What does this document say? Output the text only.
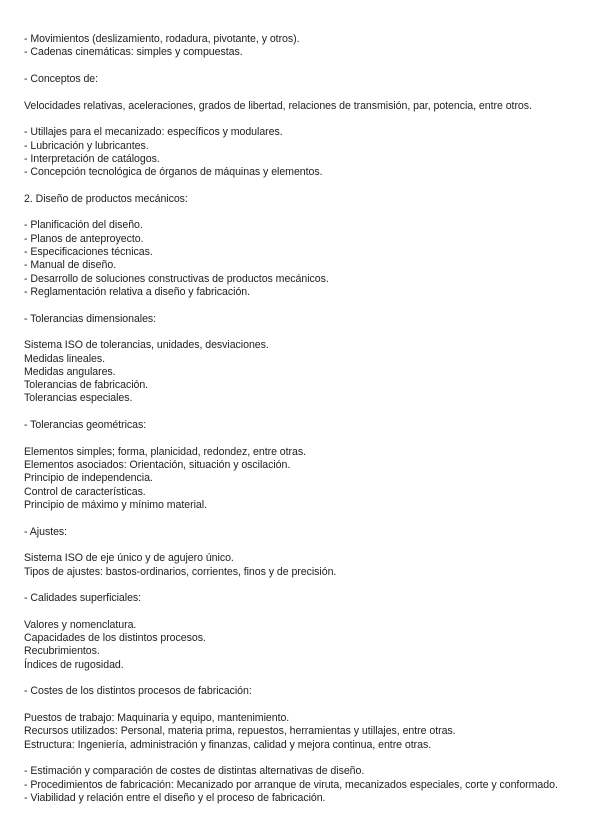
- Movimientos (deslizamiento, rodadura, pivotante, y otros).
- Cadenas cinemáticas: simples y compuestas.
- Conceptos de:
Velocidades relativas, aceleraciones, grados de libertad, relaciones de transmisión, par, potencia, entre otros.
- Utillajes para el mecanizado: específicos y modulares.
- Lubricación y lubricantes.
- Interpretación de catálogos.
- Concepción tecnológica de órganos de máquinas y elementos.
2. Diseño de productos mecánicos:
- Planificación del diseño.
- Planos de anteproyecto.
- Especificaciones técnicas.
- Manual de diseño.
- Desarrollo de soluciones constructivas de productos mecánicos.
- Reglamentación relativa a diseño y fabricación.
- Tolerancias dimensionales:
Sistema ISO de tolerancias, unidades, desviaciones.
Medidas lineales.
Medidas angulares.
Tolerancias de fabricación.
Tolerancias especiales.
- Tolerancias geométricas:
Elementos simples; forma, planicidad, redondez, entre otras.
Elementos asociados: Orientación, situación y oscilación.
Principio de independencia.
Control de características.
Principio de máximo y mínimo material.
- Ajustes:
Sistema ISO de eje único y de agujero único.
Tipos de ajustes: bastos-ordinarios, corrientes, finos y de precisión.
- Calidades superficiales:
Valores y nomenclatura.
Capacidades de los distintos procesos.
Recubrimientos.
Índices de rugosidad.
- Costes de los distintos procesos de fabricación:
Puestos de trabajo: Maquinaria y equipo, mantenimiento.
Recursos utilizados: Personal, materia prima, repuestos, herramientas y utillajes, entre otras.
Estructura: Ingeniería, administración y finanzas, calidad y mejora continua, entre otras.
- Estimación y comparación de costes de distintas alternativas de diseño.
- Procedimientos de fabricación: Mecanizado por arranque de viruta, mecanizados especiales, corte y conformado.
- Viabilidad y relación entre el diseño y el proceso de fabricación.
